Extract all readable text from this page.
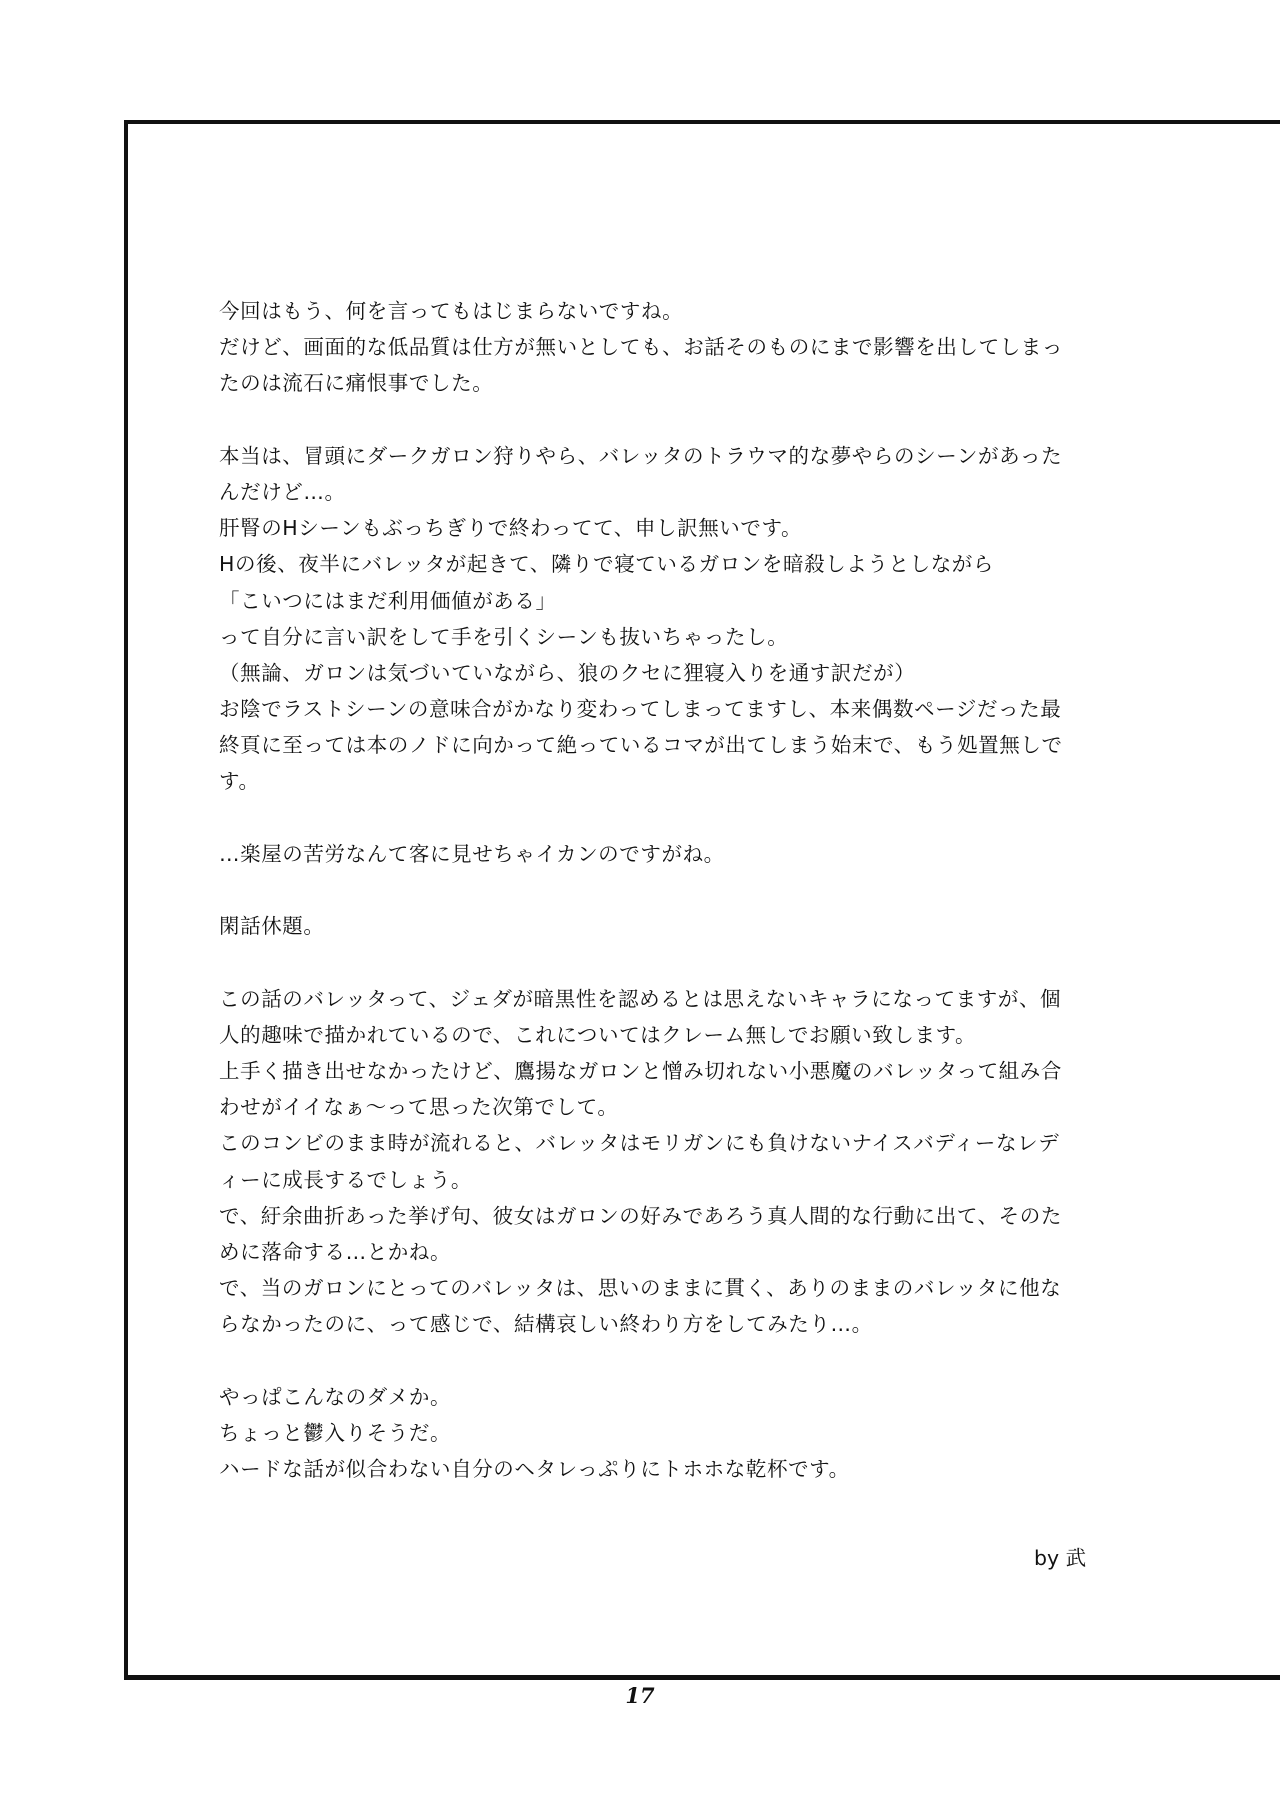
今回はもう、何を言ってもはじまらないですね。
だけど、画面的な低品質は仕方が無いとしても、お話そのものにまで影響を出してしまっ
たのは流石に痛恨事でした。
本当は、冒頭にダークガロン狩りやら、バレッタのトラウマ的な夢やらのシーンがあった
んだけど…。
肝腎のHシーンもぶっちぎりで終わってて、申し訳無いです。
Hの後、夜半にバレッタが起きて、隣りで寝ているガロンを暗殺しようとしながら
「こいつにはまだ利用価値がある」
って自分に言い訳をして手を引くシーンも抜いちゃったし。
（無論、ガロンは気づいていながら、狼のクセに狸寝入りを通す訳だが）
お陰でラストシーンの意味合がかなり変わってしまってますし、本来偶数ページだった最
終頁に至っては本のノドに向かって絶っているコマが出てしまう始末で、もう処置無しで
す。
…楽屋の苦労なんて客に見せちゃイカンのですがね。
閑話休題。
この話のバレッタって、ジェダが暗黒性を認めるとは思えないキャラになってますが、個
人的趣味で描かれているので、これについてはクレーム無しでお願い致します。
上手く描き出せなかったけど、鷹揚なガロンと憎み切れない小悪魔のバレッタって組み合
わせがイイなぁ～って思った次第でして。
このコンビのまま時が流れると、バレッタはモリガンにも負けないナイスバディーなレデ
ィーに成長するでしょう。
で、紆余曲折あった挙げ句、彼女はガロンの好みであろう真人間的な行動に出て、そのた
めに落命する…とかね。
で、当のガロンにとってのバレッタは、思いのままに貫く、ありのままのバレッタに他な
らなかったのに、って感じで、結構哀しい終わり方をしてみたり…。
やっぱこんなのダメか。
ちょっと鬱入りそうだ。
ハードな話が似合わない自分のヘタレっぷりにトホホな乾杯です。
by 武
17
